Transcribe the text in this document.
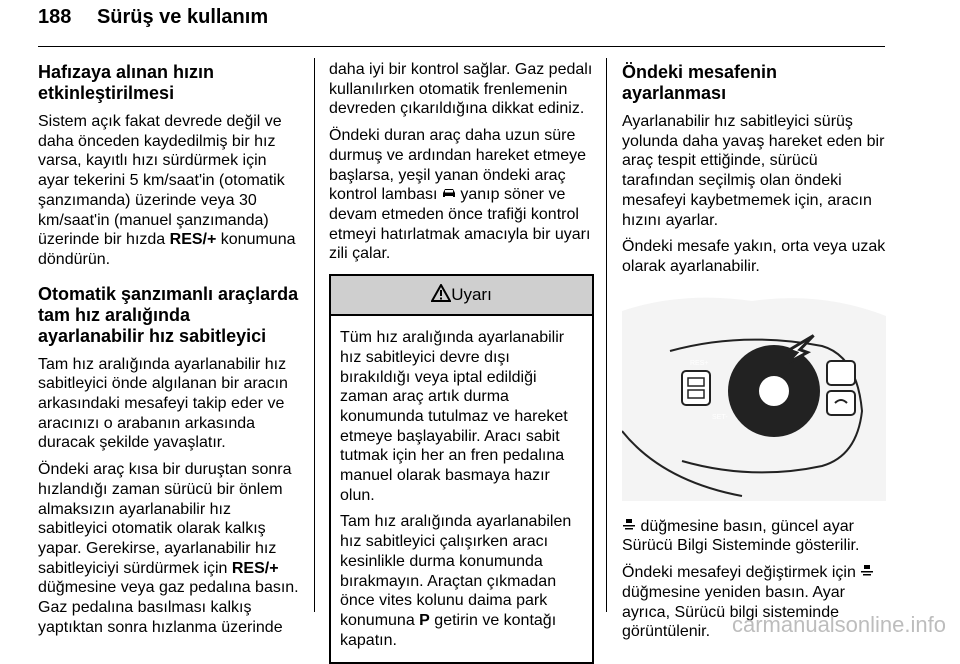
188 Sürüş ve kullanım
Hafızaya alınan hızın etkinleştirilmesi

Sistem açık fakat devrede değil ve daha önceden kaydedilmiş bir hız varsa, kayıtlı hızı sürdürmek için ayar tekerini 5 km/saat'in (otomatik şanzımanda) üzerinde veya 30 km/saat'in (manuel şanzımanda) üzerinde bir hızda RES/+ konumuna döndürün.

Otomatik şanzımanlı araçlarda tam hız aralığında ayarlanabilir hız sabitleyici

Tam hız aralığında ayarlanabilir hız sabitleyici önde algılanan bir aracın arkasındaki mesafeyi takip eder ve aracınızı o arabanın arkasında duracak şekilde yavaşlatır.

Öndeki araç kısa bir duruştan sonra hızlandığı zaman sürücü bir önlem almaksızın ayarlanabilir hız sabitleyici otomatik olarak kalkış yapar. Gerekirse, ayarlanabilir hız sabitleyiciyi sürdürmek için RES/+ düğmesine veya gaz pedalına basın. Gaz pedalına basılması kalkış yaptıktan sonra hızlanma üzerinde

daha iyi bir kontrol sağlar. Gaz pedalı kullanılırken otomatik frenlemenin devreden çıkarıldığına dikkat ediniz.

Öndeki duran araç daha uzun süre durmuş ve ardından hareket etmeye başlarsa, yeşil yanan öndeki araç kontrol lambası  yanıp söner ve devam etmeden önce trafiği kontrol etmeyi hatırlatmak amacıyla bir uyarı zili çalar.

Uyarı

Tüm hız aralığında ayarlanabilir hız sabitleyici devre dışı bırakıldığı veya iptal edildiği zaman araç artık durma konumunda tutulmaz ve hareket etmeye başlayabilir. Aracı sabit tutmak için her an fren pedalına manuel olarak basmaya hazır olun.

Tam hız aralığında ayarlanabilen hız sabitleyici çalışırken aracı kesinlikle durma konumunda bırakmayın. Araçtan çıkmadan önce vites kolunu daima park konumuna P getirin ve kontağı kapatın.

Öndeki mesafenin ayarlanması

Ayarlanabilir hız sabitleyici sürüş yolunda daha yavaş hareket eden bir araç tespit ettiğinde, sürücü tarafından seçilmiş olan öndeki mesafeyi kaybetmemek için, aracın hızını ayarlar.

Öndeki mesafe yakın, orta veya uzak olarak ayarlanabilir.

RES+
SET-

düğmesine basın, güncel ayar Sürücü Bilgi Sisteminde gösterilir.

Öndeki mesafeyi değiştirmek için  düğmesine yeniden basın. Ayar ayrıca, Sürücü bilgi sisteminde görüntülenir. carmanualsonline.info
